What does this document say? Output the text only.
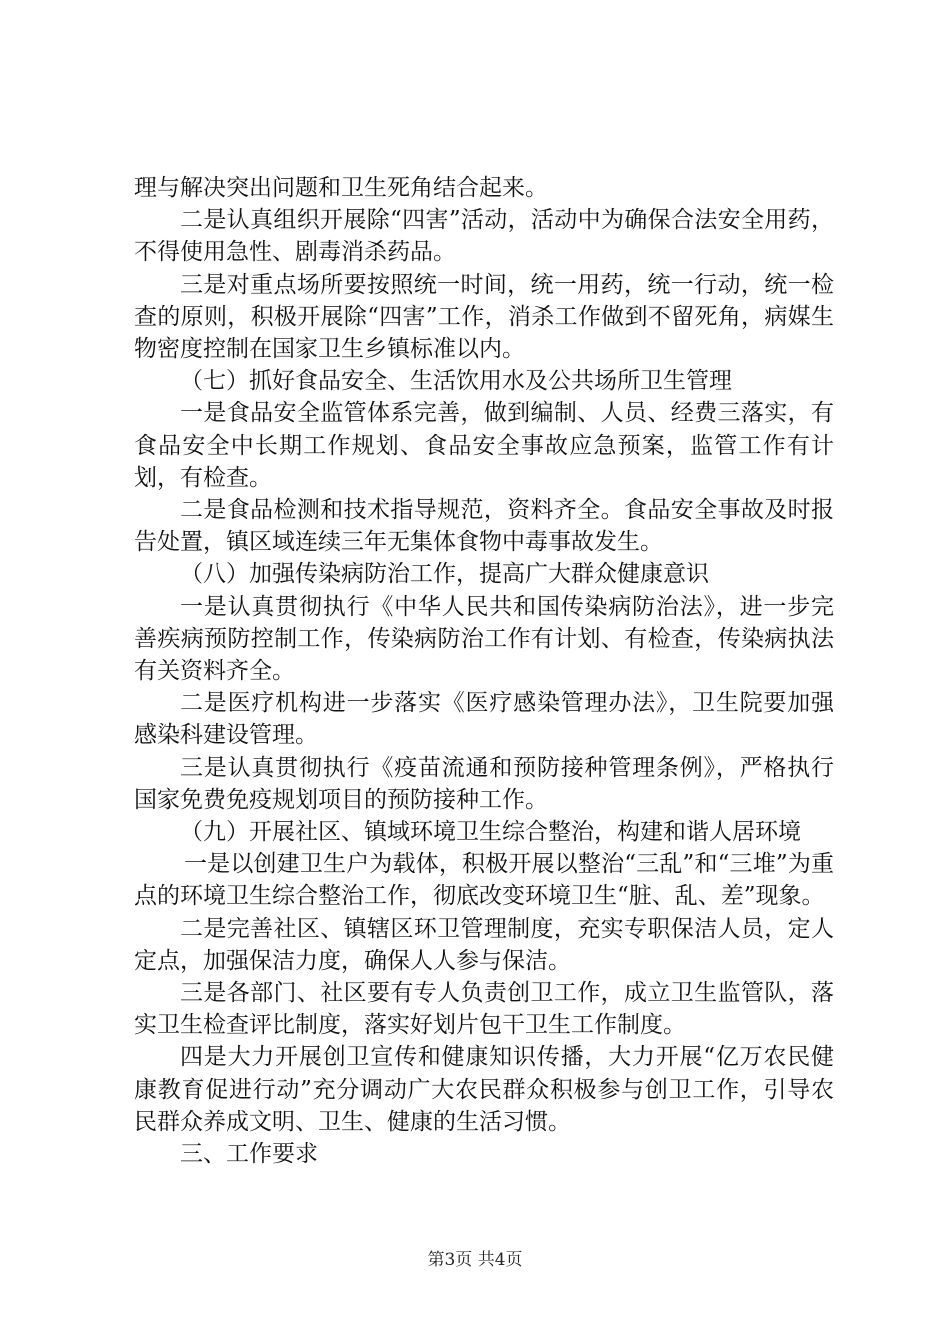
理与解决突出问题和卫生死角结合起来。

二是认真组织开展除“四害”活动，活动中为确保合法安全用药，不得使用急性、剧毒消杀药品。

三是对重点场所要按照统一时间，统一用药，统一行动，统一检查的原则，积极开展除“四害”工作，消杀工作做到不留死角，病媒生物密度控制在国家卫生乡镇标准以内。

（七）抓好食品安全、生活饮用水及公共场所卫生管理

一是食品安全监管体系完善，做到编制、人员、经费三落实，有食品安全中长期工作规划、食品安全事故应急预案，监管工作有计划，有检查。

二是食品检测和技术指导规范，资料齐全。食品安全事故及时报告处置，镇区域连续三年无集体食物中毒事故发生。

（八）加强传染病防治工作，提高广大群众健康意识

一是认真贯彻执行《中华人民共和国传染病防治法》，进一步完善疾病预防控制工作，传染病防治工作有计划、有检查，传染病执法有关资料齐全。

二是医疗机构进一步落实《医疗感染管理办法》，卫生院要加强感染科建设管理。

三是认真贯彻执行《疫苗流通和预防接种管理条例》，严格执行国家免费免疫规划项目的预防接种工作。

（九）开展社区、镇域环境卫生综合整治，构建和谐人居环境

一是以创建卫生户为载体，积极开展以整治“三乱”和“三堆”为重点的环境卫生综合整治工作，彻底改变环境卫生“脏、乱、差”现象。

二是完善社区、镇辖区环卫管理制度，充实专职保洁人员，定人定点，加强保洁力度，确保人人参与保洁。

三是各部门、社区要有专人负责创卫工作，成立卫生监管队，落实卫生检查评比制度，落实好划片包干卫生工作制度。

四是大力开展创卫宣传和健康知识传播，大力开展“亿万农民健康教育促进行动”充分调动广大农民群众积极参与创卫工作，引导农民群众养成文明、卫生、健康的生活习惯。

三、工作要求

第3页 共4页
